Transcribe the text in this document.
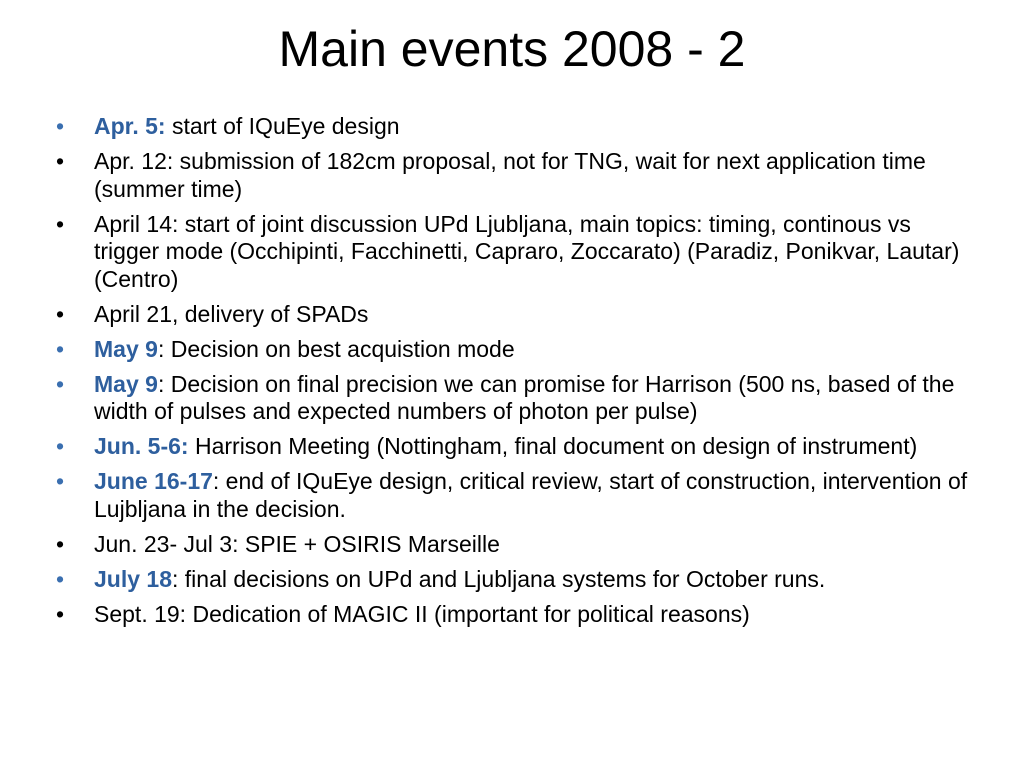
Main events 2008 - 2
• Apr. 5: start of IQuEye design
• Apr. 12: submission of 182cm proposal, not for TNG, wait for next application time (summer time)
• April 14: start of joint discussion UPd Ljubljana, main topics: timing, continous vs trigger mode (Occhipinti, Facchinetti, Capraro, Zoccarato) (Paradiz, Ponikvar, Lautar) (Centro)
• April 21, delivery of SPADs
• May 9: Decision on best acquistion mode
• May 9: Decision on final precision we can promise for Harrison (500 ns, based of the width of pulses and expected numbers of photon per pulse)
• Jun. 5-6: Harrison Meeting (Nottingham, final document on design of instrument)
• June 16-17: end of IQuEye design, critical review, start of construction, intervention of Lujbljana in the decision.
• Jun. 23- Jul 3: SPIE + OSIRIS Marseille
• July 18: final decisions on UPd and Ljubljana systems for October runs.
• Sept. 19: Dedication of MAGIC II (important for political reasons)
